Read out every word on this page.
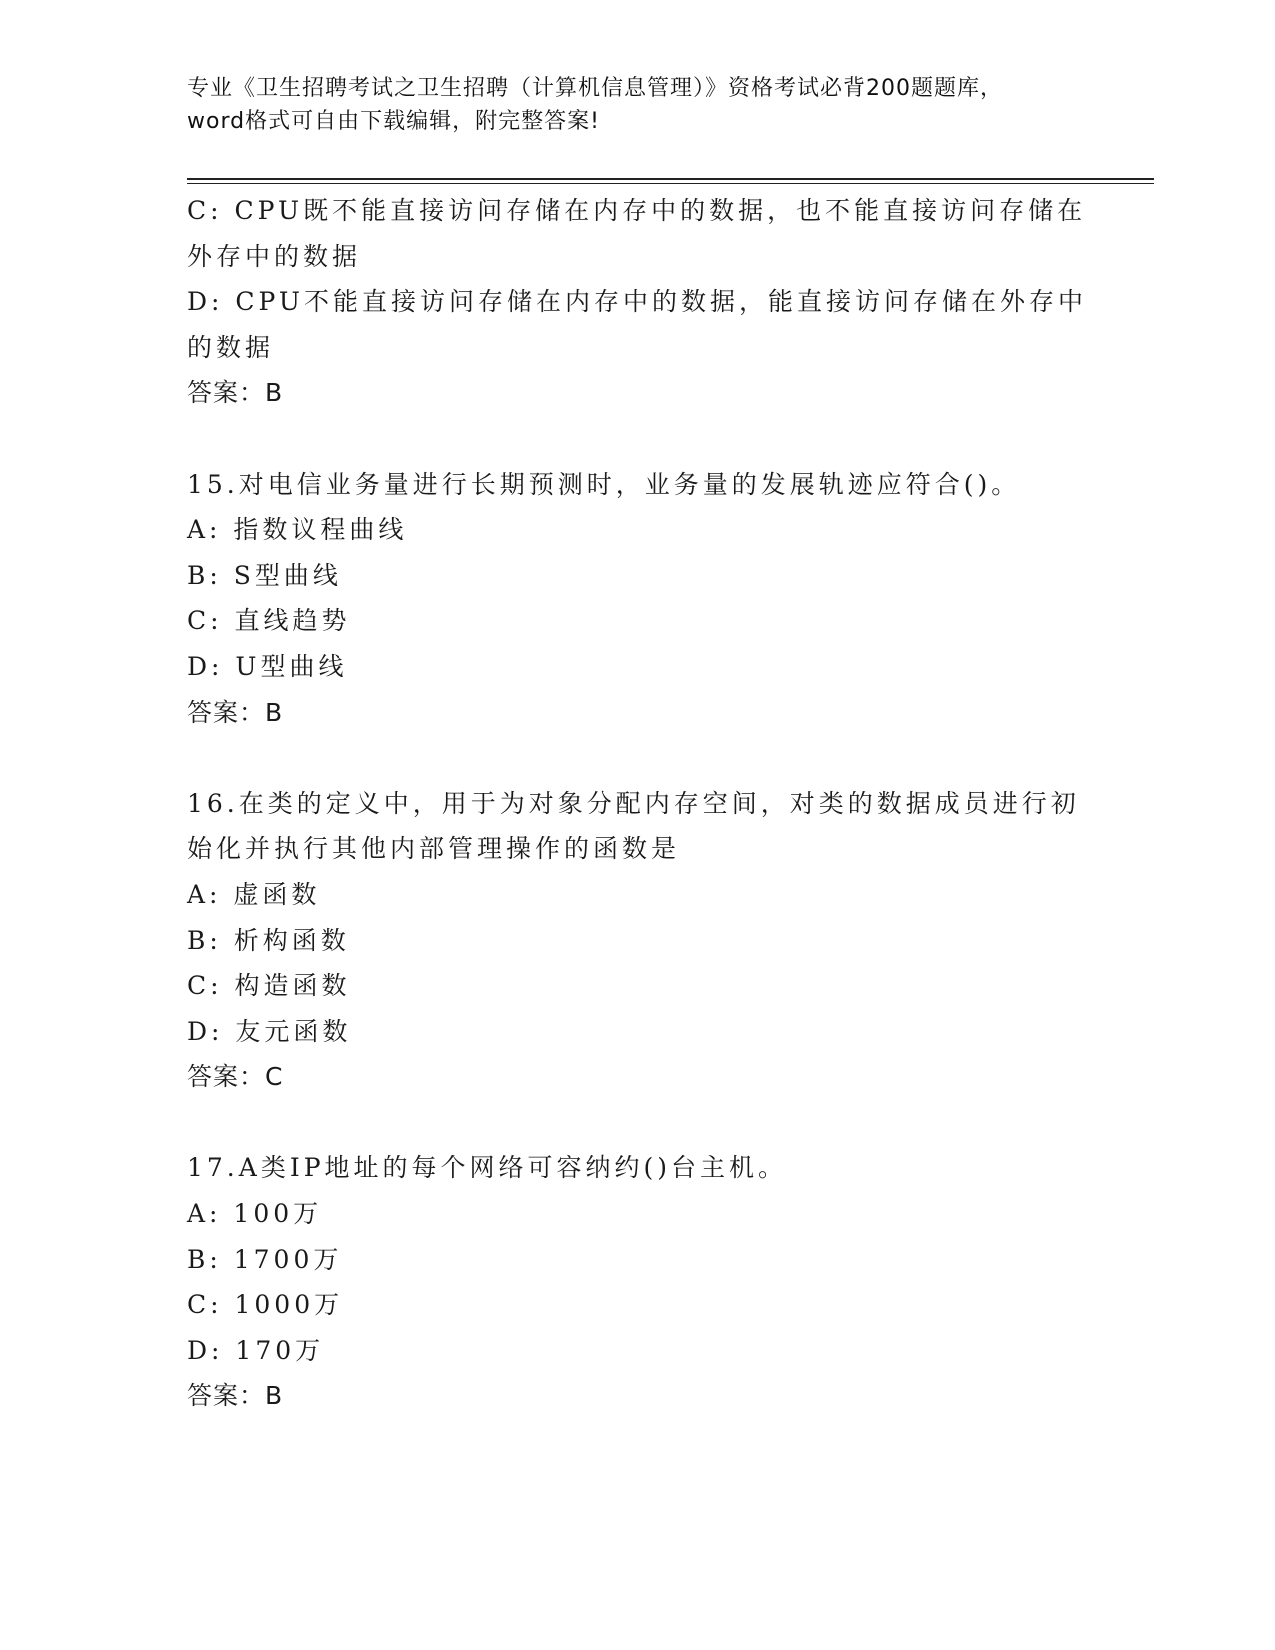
专业《卫生招聘考试之卫生招聘（计算机信息管理）》资格考试必背200题题库，
word格式可自由下载编辑，附完整答案!
C: CPU既不能直接访问存储在内存中的数据，也不能直接访问存储在
外存中的数据
D: CPU不能直接访问存储在内存中的数据，能直接访问存储在外存中
的数据
答案：B
15.对电信业务量进行长期预测时，业务量的发展轨迹应符合()。
A: 指数议程曲线
B: S型曲线
C: 直线趋势
D: U型曲线
答案：B
16.在类的定义中，用于为对象分配内存空间，对类的数据成员进行初
始化并执行其他内部管理操作的函数是
A: 虚函数
B: 析构函数
C: 构造函数
D: 友元函数
答案：C
17.A类IP地址的每个网络可容纳约()台主机。
A: 100万
B: 1700万
C: 1000万
D: 170万
答案：B
